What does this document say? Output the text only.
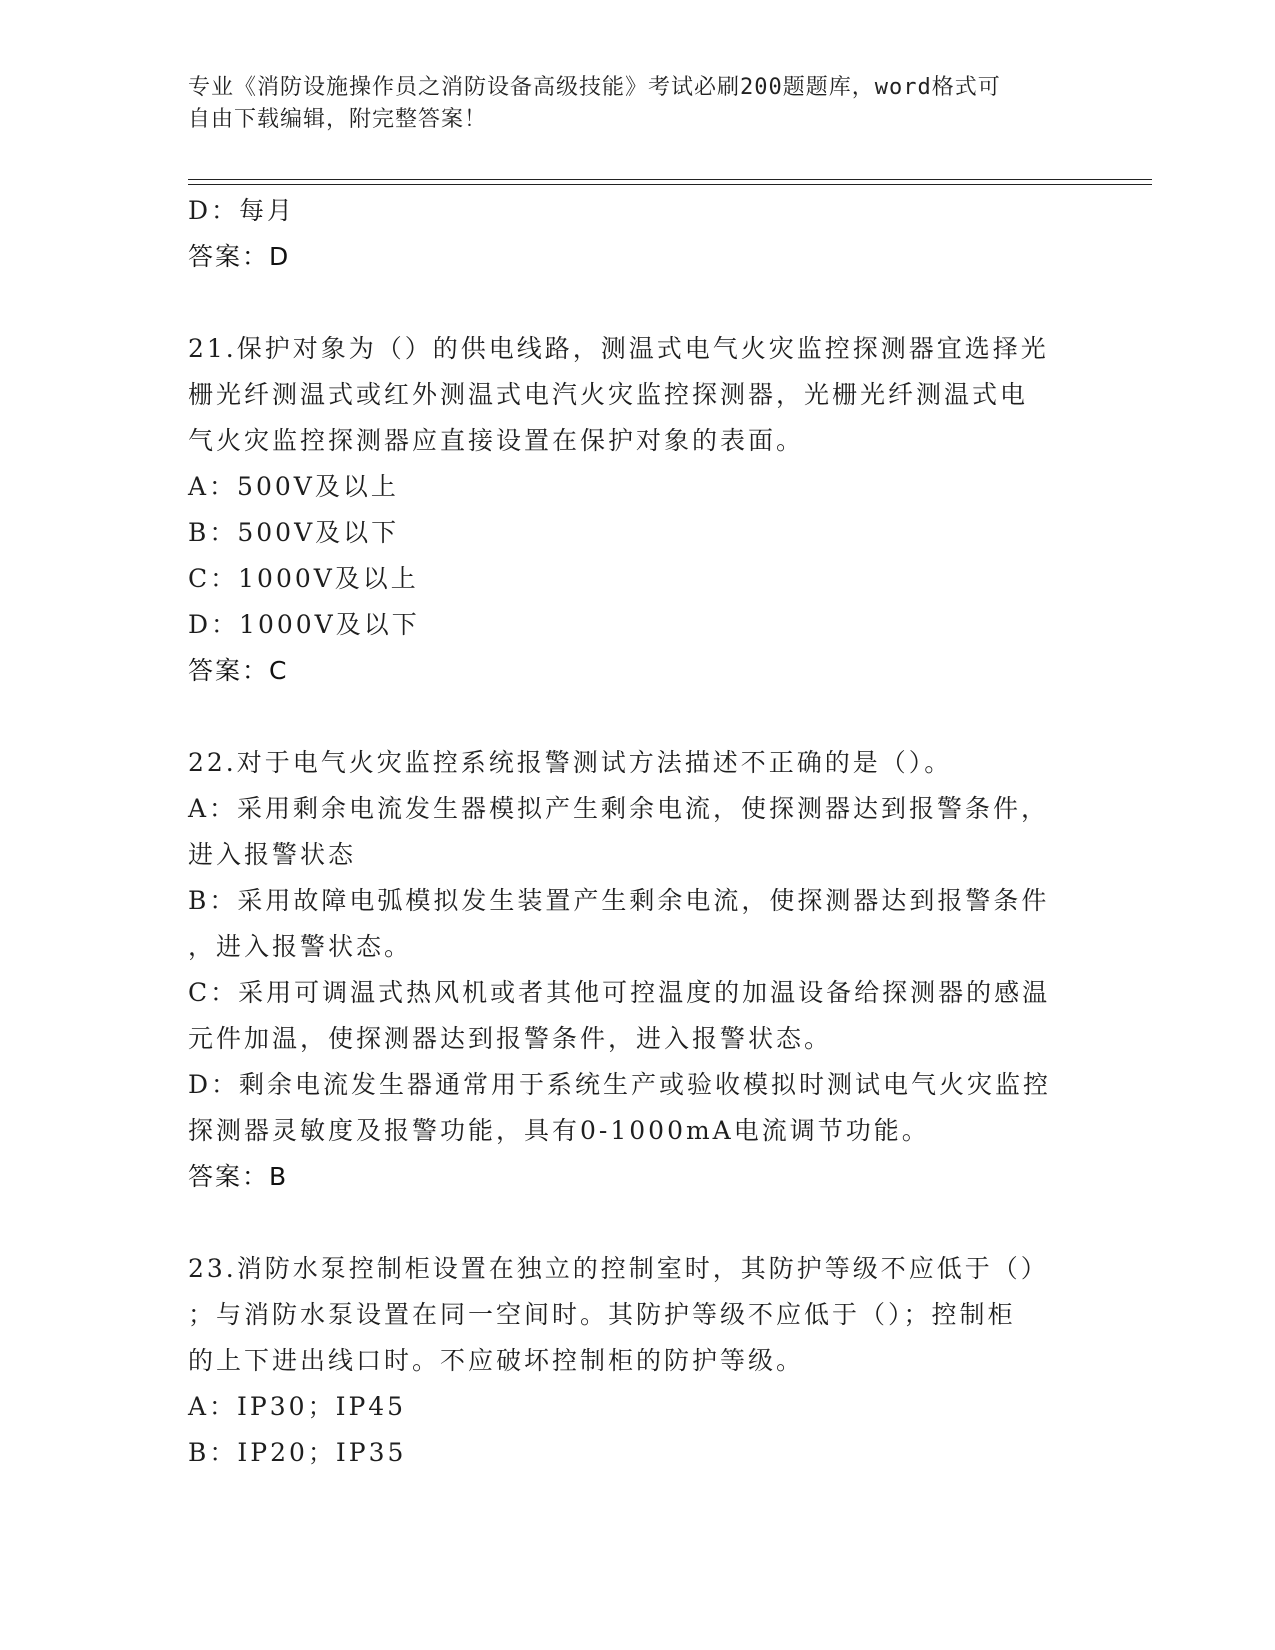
专业《消防设施操作员之消防设备高级技能》考试必刷200题题库，word格式可
自由下载编辑，附完整答案！
D：每月
答案：D
21.保护对象为（）的供电线路，测温式电气火灾监控探测器宜选择光
栅光纤测温式或红外测温式电汽火灾监控探测器，光栅光纤测温式电
气火灾监控探测器应直接设置在保护对象的表面。
A：500V及以上
B：500V及以下
C：1000V及以上
D：1000V及以下
答案：C
22.对于电气火灾监控系统报警测试方法描述不正确的是（）。
A：采用剩余电流发生器模拟产生剩余电流，使探测器达到报警条件，
进入报警状态
B：采用故障电弧模拟发生装置产生剩余电流，使探测器达到报警条件
，进入报警状态。
C：采用可调温式热风机或者其他可控温度的加温设备给探测器的感温
元件加温，使探测器达到报警条件，进入报警状态。
D：剩余电流发生器通常用于系统生产或验收模拟时测试电气火灾监控
探测器灵敏度及报警功能，具有0-1000mA电流调节功能。
答案：B
23.消防水泵控制柜设置在独立的控制室时，其防护等级不应低于（）
；与消防水泵设置在同一空间时。其防护等级不应低于（）；控制柜
的上下进出线口时。不应破坏控制柜的防护等级。
A：IP30；IP45
B：IP20；IP35
